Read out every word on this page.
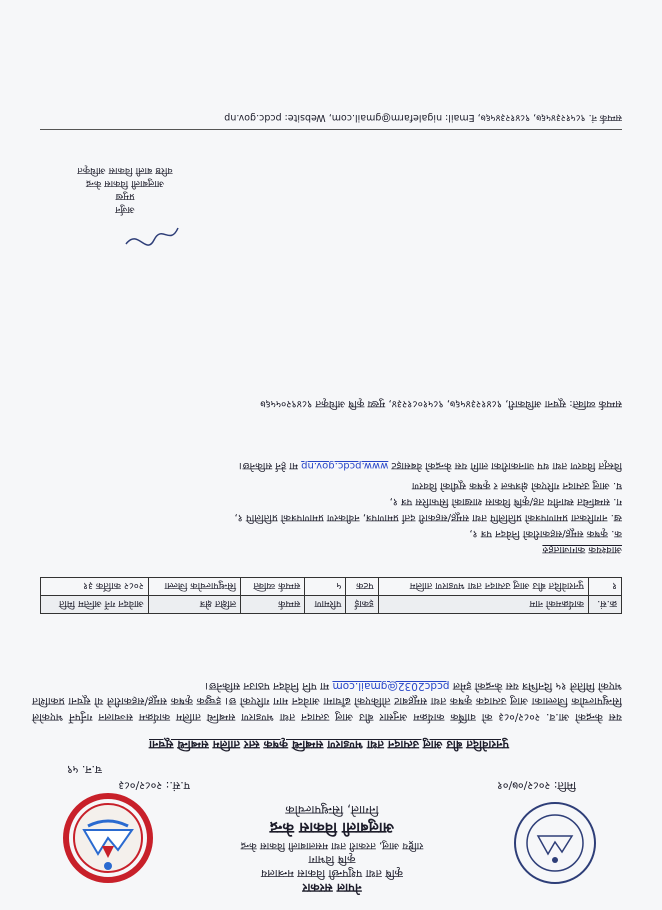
नेपाल सरकार
कृषि तथा पशुपन्छी विकास मन्त्रालय
कृषि विभाग
राष्ट्रिय आलु, तरकारी तथा मसलाबाली विकास केन्द्र
आलुबाली विकास केन्द्र
निगाले, सिन्धुपाल्चोक
प.सं.: २०८२/०८३
च.न. ५९
मिति: २०८२/०७/०१
पुनरावेदित बीउ आलु उत्पादन तथा भण्डारण सम्बन्धि कृषक स्तर तालिम सम्बन्धि सूचना
यस केन्द्रको आ.व. २०८२/०८३ को वार्षिक कार्यक्रम अनुसार बीउ आलु उत्पादन तथा भण्डारण सम्बन्धि तालिम कार्यक्रम सञ्चालन गर्नुपर्ने भएकोले सिन्धुपाल्चोक जिल्लाका आलु उत्पादक कृषक तथा समूहबाट तोकिएको ढाँचामा आवेदन माग गरिएको छ। इच्छुक कृषक समूह/सहकारीले यो सूचना प्रकाशित भएको मितिले १५ दिनभित्र यस केन्द्रको इमेल pcdc2032@gmail.com मा पनि निवेदन पठाउन सकिनेछ।
क्र.सं.	कार्यक्रमको नाम	इकाई	परिमाण	सम्पर्क	लक्षित क्षेत्र	आवेदन गर्ने अन्तिम मिति
१	पुनरावेदित बीउ आलु उत्पादन तथा भण्डारण तालिम	पटक	५	सम्पर्क व्यक्ति	सिन्धुपाल्चोक जिल्ला	२०८२ कार्तिक ३१
आवश्यक कागजातहरु
क. कृषक समूह/सहकारीको निवेदन पत्र १,
ख. नागरिकता प्रमाणपत्रको प्रतिलिपि तथा समूह/सहकारी दर्ता प्रमाणपत्र, नवीकरण प्रमाणपत्रको प्रतिलिपि १,
ग. सम्बन्धित स्थानीय तह/कृषि विकास शाखाको सिफारिस पत्र १,
घ. आलु उत्पादन गरिएको क्षेत्रफल र कृषक सूचीको विवरण
विस्तृत विवरण तथा थप जानकारीका लागि यस केन्द्रको वेबसाइट www.pcdc.gov.np मा हेर्न सकिनेछ।
सम्पर्क व्यक्ति: सूचना अधिकारी, ९८४१२३४५६७, ९८५१०८१२३४, मुख्य कृषि अधिकृत ९८४९२०५५६७
अर्जुन
प्रमुख
आलुबाली विकास केन्द्र
वरिष्ठ बाली विकास अधिकृत
सम्पर्क नं. ९८५१२३४५६७, ९८४१२३४५६७, Email: nigalefarm@gmail.com, Website: pcdc.gov.np
